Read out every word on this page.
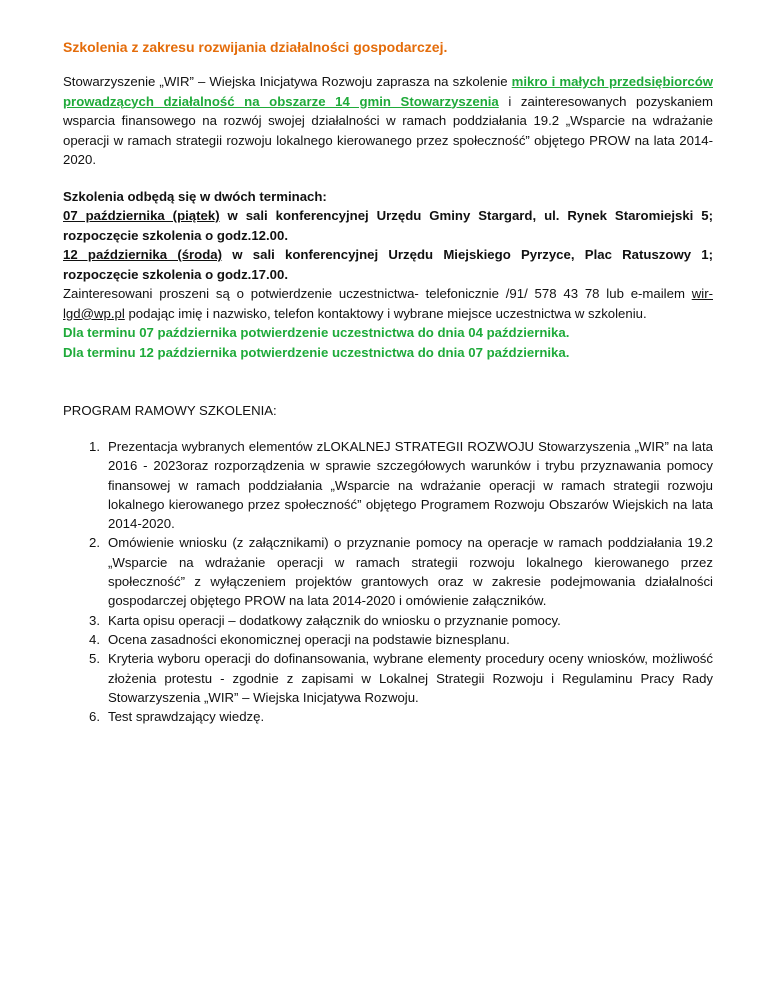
Szkolenia z zakresu rozwijania działalności gospodarczej.

Stowarzyszenie „WIR” – Wiejska Inicjatywa Rozwoju zaprasza na szkolenie mikro i małych przedsiębiorców prowadzących działalność na obszarze 14 gmin Stowarzyszenia i zainteresowanych pozyskaniem wsparcia finansowego na rozwój swojej działalności w ramach poddziałania 19.2 „Wsparcie na wdrażanie operacji w ramach strategii rozwoju lokalnego kierowanego przez społeczność” objętego PROW na lata 2014-2020.

Szkolenia odbędą się w dwóch terminach:

07 października (piątek) w sali konferencyjnej Urzędu Gminy Stargard, ul. Rynek Staromiejski 5; rozpoczęcie szkolenia o godz.12.00.

12 października (środa) w sali konferencyjnej Urzędu Miejskiego Pyrzyce, Plac Ratuszowy 1; rozpoczęcie szkolenia o godz.17.00.

Zainteresowani proszeni są o potwierdzenie uczestnictwa- telefonicznie /91/ 578 43 78 lub e-mailem wir-lgd@wp.pl podając imię i nazwisko, telefon kontaktowy i wybrane miejsce uczestnictwa w szkoleniu.

Dla terminu 07 października potwierdzenie uczestnictwa do dnia 04 października.

Dla terminu 12 października potwierdzenie uczestnictwa do dnia 07 października.

PROGRAM RAMOWY SZKOLENIA:

1. Prezentacja wybranych elementów zLOKALNEJ STRATEGII ROZWOJU Stowarzyszenia „WIR” na lata 2016 - 2023oraz rozporządzenia w sprawie szczegółowych warunków i trybu przyznawania pomocy finansowej w ramach poddziałania „Wsparcie na wdrażanie operacji w ramach strategii rozwoju lokalnego kierowanego przez społeczność” objętego Programem Rozwoju Obszarów Wiejskich na lata 2014-2020.
2. Omówienie wniosku (z załącznikami) o przyznanie pomocy na operacje w ramach poddziałania 19.2 „Wsparcie na wdrażanie operacji w ramach strategii rozwoju lokalnego kierowanego przez społeczność” z wyłączeniem projektów grantowych oraz w zakresie podejmowania działalności gospodarczej objętego PROW na lata 2014-2020 i omówienie załączników.
3. Karta opisu operacji – dodatkowy załącznik do wniosku o przyznanie pomocy.
4. Ocena zasadności ekonomicznej operacji na podstawie biznesplanu.
5. Kryteria wyboru operacji do dofinansowania, wybrane elementy procedury oceny wniosków, możliwość złożenia protestu - zgodnie z zapisami w Lokalnej Strategii Rozwoju i Regulaminu Pracy Rady Stowarzyszenia „WIR” – Wiejska Inicjatywa Rozwoju.
6. Test sprawdzający wiedzę.
